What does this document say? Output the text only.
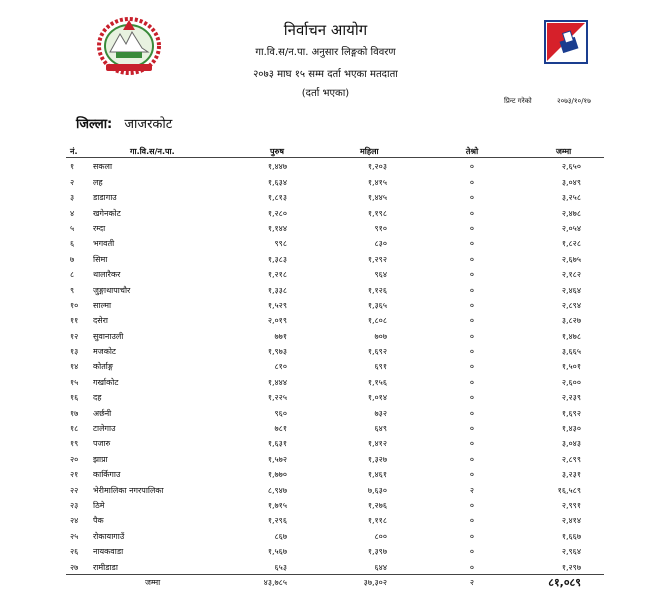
निर्वाचन आयोग
गा.वि.स/न.पा. अनुसार लिङ्गको विवरण
२०७३ माघ १५ सम्म दर्ता भएका मतदाता
(दर्ता भएका)
प्रिन्ट गरेको	२०७३/१०/१७
जिल्ला: जाजरकोट
नं.	गा.वि.स/न.पा.	पुरुष	महिला	तेश्रो	जम्मा
१ सकला	१,४४७	१,२०३	०	२,६५०
२ लह	१,६३४	१,४१५	०	३,०४९
३ डाडागाउ	१,८१३	१,४४५	०	३,२५८
४ खगेनकोट	१,२८०	१,१९८	०	२,४७८
५ रम्दा	१,१४४	९१०	०	२,०५४
६ भगवती	९९८	८३०	०	१,८२८
७ सिमा	१,३८३	१,२९२	०	२,६७५
८ थालारैकर	१,२१८	९६४	०	२,१८२
९ जुङ्गाथापाचौर	१,३३८	१,१२६	०	२,४६४
१० साल्मा	१,५२९	१,३६५	०	२,८९४
११ दसेरा	२,०१९	१,८०८	०	३,८२७
१२ सुवानाउली	७७१	७०७	०	१,४७८
१३ मजकोट	१,९७३	१,६९२	०	३,६६५
१४ कोर्ताङ्ग	८१०	६९१	०	१,५०१
१५ गर्खाकोट	१,४४४	१,१५६	०	२,६००
१६ दह	१,२२५	१,०१४	०	२,२३९
१७ अर्छनी	९६०	७३२	०	१,६९२
१८ टालेगाउ	७८१	६४९	०	१,४३०
१९ पजारु	१,६३१	१,४१२	०	३,०४३
२० झाप्रा	१,५७२	१,३२७	०	२,८९९
२१ कार्किगाउ	१,७७०	१,४६१	०	३,२३१
२२ भेरीमालिका नगरपालिका	८,९४७	७,६३०	२	१६,५८९
२३ ठिमे	१,७१५	१,२७६	०	२,९९१
२४ पैक	१,२९६	१,११८	०	२,४१४
२५ रोकायागाउँ	८६७	८००	०	१,६६७
२६ नायकवाडा	१,५६७	१,३९७	०	२,९६४
२७ रामीडाडा	६५३	६४४	०	१,२९७
जम्मा	४३,७८५	३७,३०२	२	८१,०८९
